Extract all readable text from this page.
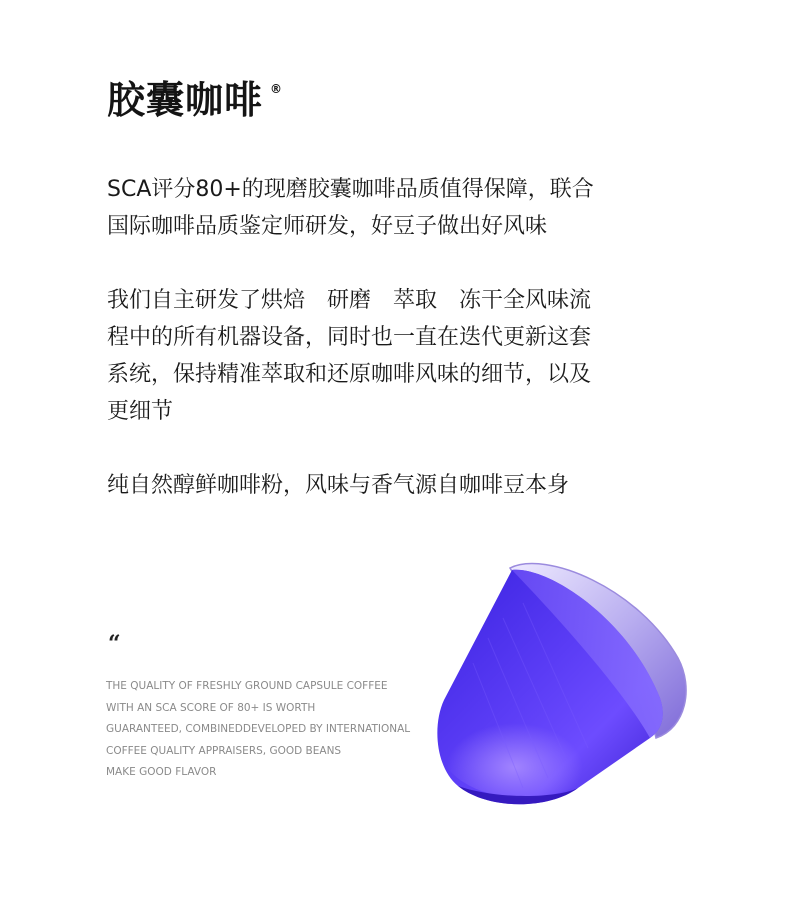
胶囊咖啡 ®

SCA评分80+的现磨胶囊咖啡品质值得保障，联合
国际咖啡品质鉴定师研发，好豆子做出好风味

我们自主研发了烘焙　研磨　萃取　冻干全风味流
程中的所有机器设备，同时也一直在迭代更新这套
系统，保持精准萃取和还原咖啡风味的细节，以及
更细节

纯自然醇鲜咖啡粉，风味与香气源自咖啡豆本身

“

THE QUALITY OF FRESHLY GROUND CAPSULE COFFEE
WITH AN SCA SCORE OF 80+ IS WORTH
GUARANTEED, COMBINEDDEVELOPED BY INTERNATIONAL
COFFEE QUALITY APPRAISERS, GOOD BEANS
MAKE GOOD FLAVOR
